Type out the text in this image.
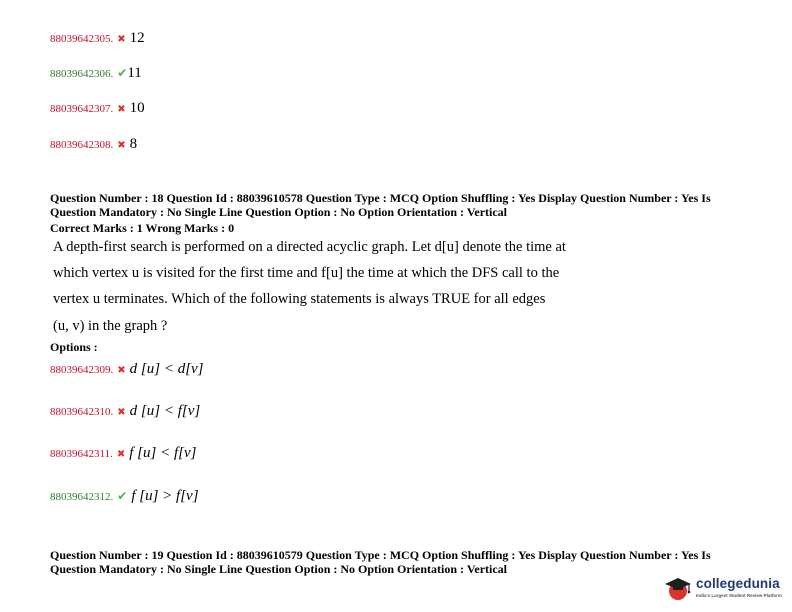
88039642305. ✖ 12
88039642306. ✔11
88039642307. ✖ 10
88039642308. ✖ 8
Question Number : 18 Question Id : 88039610578 Question Type : MCQ Option Shuffling : Yes Display Question Number : Yes Is
Question Mandatory : No Single Line Question Option : No Option Orientation : Vertical
Correct Marks : 1 Wrong Marks : 0
A depth-first search is performed on a directed acyclic graph. Let d[u] denote the time at
which vertex u is visited for the first time and f[u] the time at which the DFS call to the
vertex u terminates. Which of the following statements is always TRUE for all edges
(u, v) in the graph ?
Options :
88039642309. ✖ d [u] < d[v]
88039642310. ✖ d [u] < f[v]
88039642311. ✖ f [u] < f[v]
88039642312. ✔ f [u] > f[v]
Question Number : 19 Question Id : 88039610579 Question Type : MCQ Option Shuffling : Yes Display Question Number : Yes Is
Question Mandatory : No Single Line Question Option : No Option Orientation : Vertical
collegedunia
India's Largest Student Review Platform
